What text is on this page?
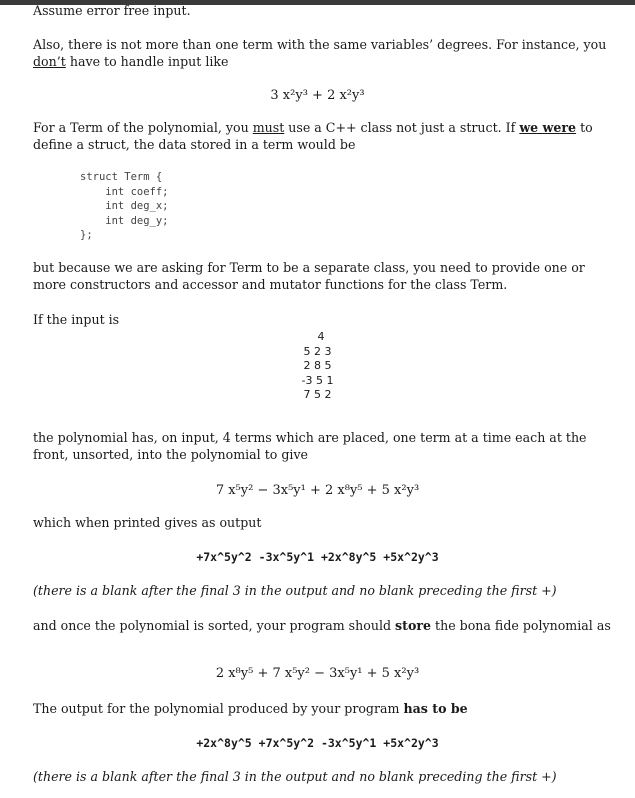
Assume error free input.
Also, there is not more than one term with the same variables’ degrees. For instance, you don’t have to handle input like
3 x²y³ + 2 x²y³
For a Term of the polynomial, you must use a C++ class not just a struct. If we were to define a struct, the data stored in a term would be
struct Term {
int coeff;
int deg_x;
int deg_y;
};
but because we are asking for Term to be a separate class, you need to provide one or more constructors and accessor and mutator functions for the class Term.
If the input is
4
5 2 3
2 8 5
-3 5 1
7 5 2
the polynomial has, on input, 4 terms which are placed, one term at a time each at the front, unsorted, into the polynomial to give
7 x⁵y² − 3x⁵y¹ + 2 x⁸y⁵ + 5 x²y³
which when printed gives as output
+7x^5y^2 -3x^5y^1 +2x^8y^5 +5x^2y^3
(there is a blank after the final 3 in the output and no blank preceding the first +)
and once the polynomial is sorted, your program should store the bona fide polynomial as
2 x⁸y⁵ + 7 x⁵y² − 3x⁵y¹ + 5 x²y³
The output for the polynomial produced by your program has to be
+2x^8y^5 +7x^5y^2 -3x^5y^1 +5x^2y^3
(there is a blank after the final 3 in the output and no blank preceding the first +)
